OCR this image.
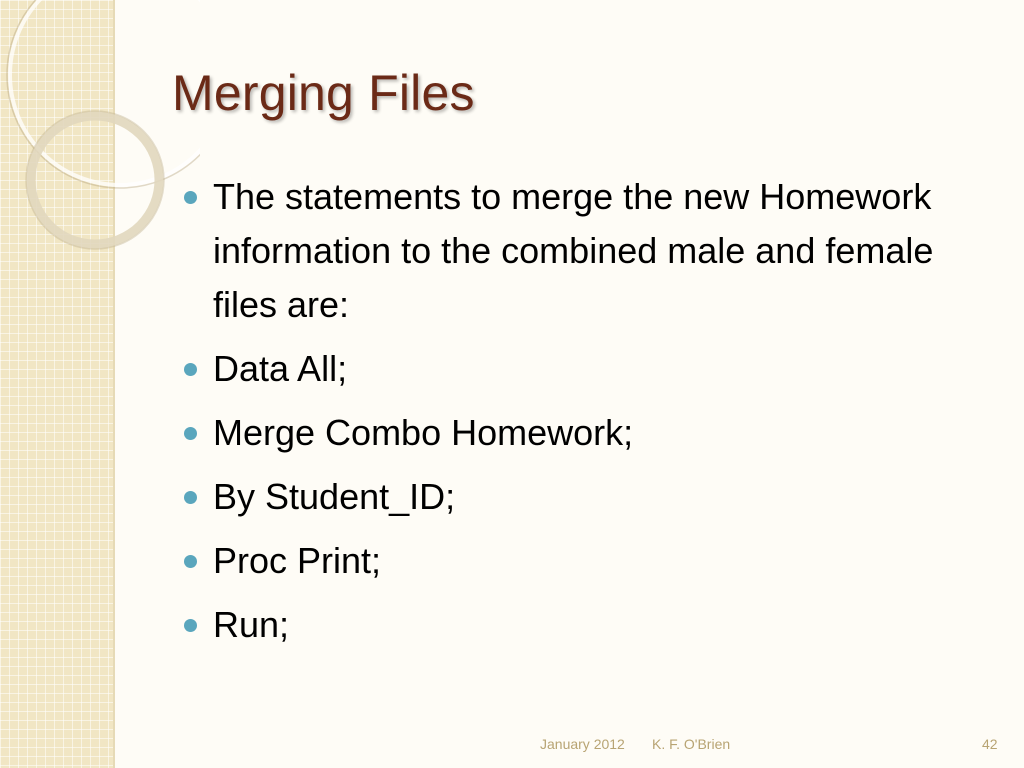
Merging Files
The statements to merge the new Homework information to the combined male and female files are:
Data All;
Merge Combo Homework;
By Student_ID;
Proc Print;
Run;
January 2012 K. F. O'Brien	42
